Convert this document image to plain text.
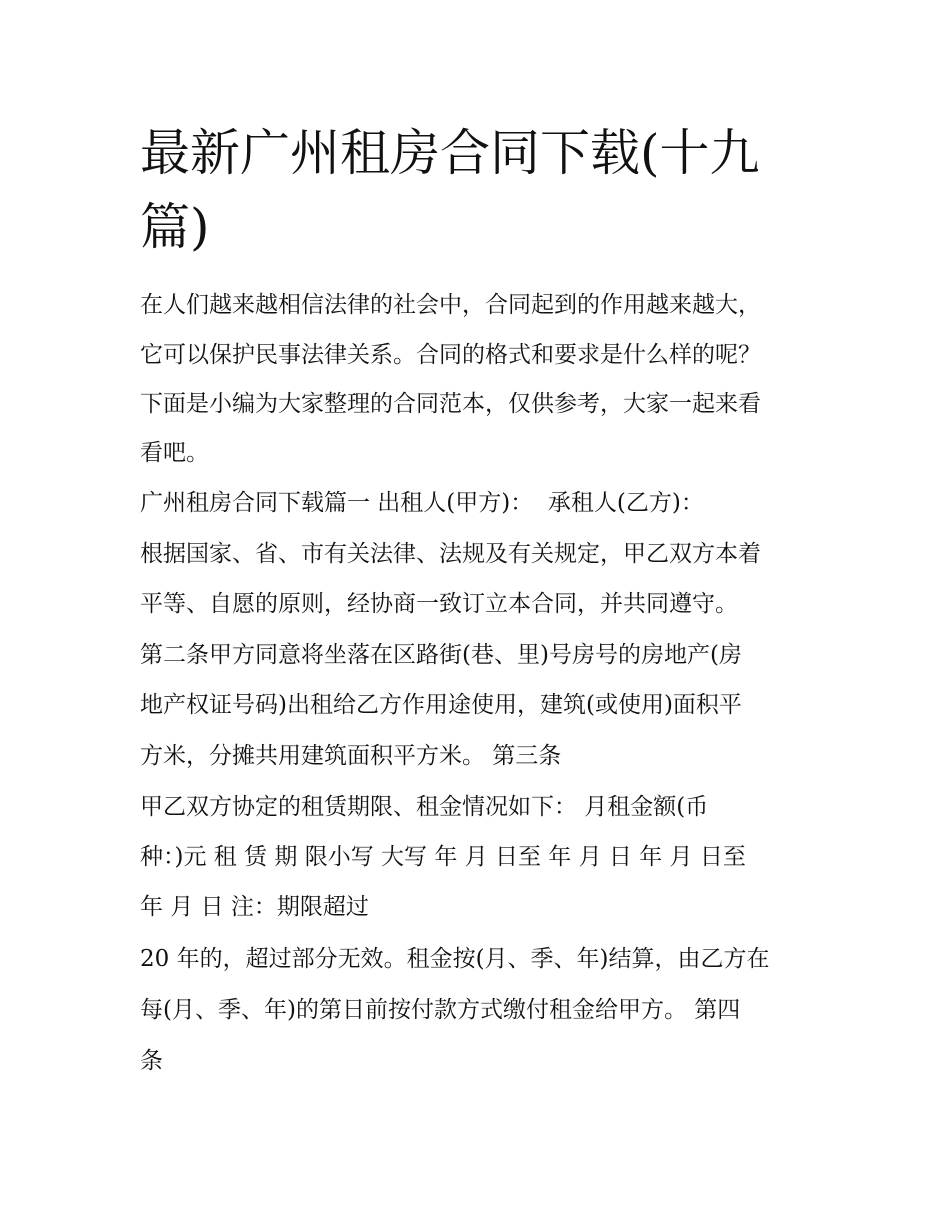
最新广州租房合同下载(十九
篇)

在人们越来越相信法律的社会中，合同起到的作用越来越大，

它可以保护民事法律关系。合同的格式和要求是什么样的呢？

下面是小编为大家整理的合同范本，仅供参考，大家一起来看

看吧。

广州租房合同下载篇一 出租人(甲方)：  承租人(乙方)：

根据国家、省、市有关法律、法规及有关规定，甲乙双方本着

平等、自愿的原则，经协商一致订立本合同，并共同遵守。

第二条甲方同意将坐落在区路街(巷、里)号房号的房地产(房

地产权证号码)出租给乙方作用途使用，建筑(或使用)面积平

方米，分摊共用建筑面积平方米。 第三条

甲乙双方协定的租赁期限、租金情况如下： 月租金额(币

种：)元 租 赁 期 限小写 大写 年 月 日至 年 月 日 年 月 日至

年 月 日 注：期限超过

20 年的，超过部分无效。租金按(月、季、年)结算，由乙方在

每(月、季、年)的第日前按付款方式缴付租金给甲方。 第四

条
